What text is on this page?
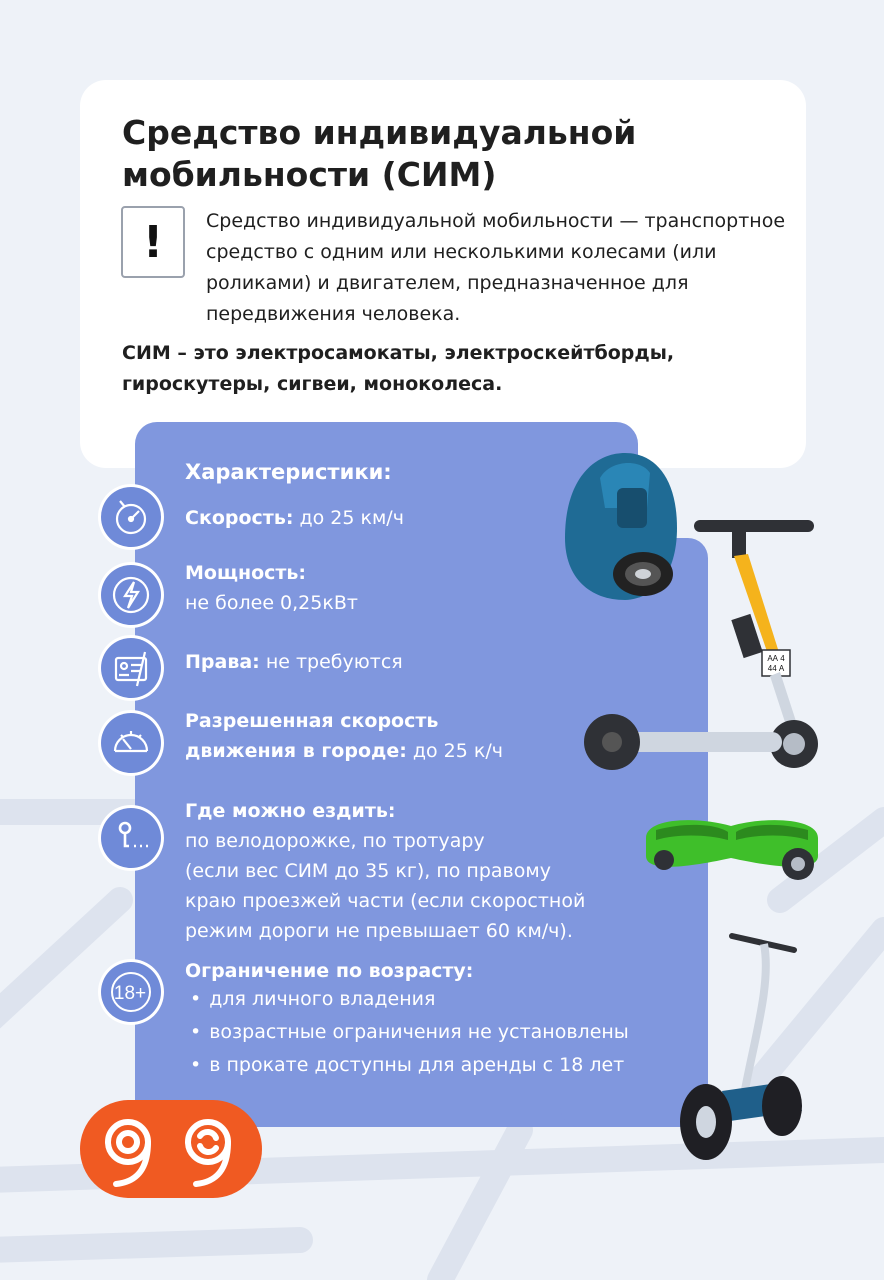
Средство индивидуальной мобильности (СИМ)
!	Средство индивидуальной мобильности — транспортное средство с одним или несколькими колесами (или роликами) и двигателем, предназначенное для передвижения человека.
СИМ – это электросамокаты, электроскейтборды, гироскутеры, сигвеи, моноколеса.
Характеристики:
18+
Скорость: до 25 км/ч
Мощность:
не более 0,25кВт
Права: не требуются
Разрешенная скорость
движения в городе: до 25 к/ч
Где можно ездить:
по велодорожке, по тротуару
(если вес СИМ до 35 кг), по правому
краю проезжей части (если скоростной
режим дороги не превышает 60 км/ч).
Ограничение по возрасту:
• для личного владения
• возрастные ограничения не установлены
• в прокате доступны для аренды с 18 лет
АА 4
44 А
